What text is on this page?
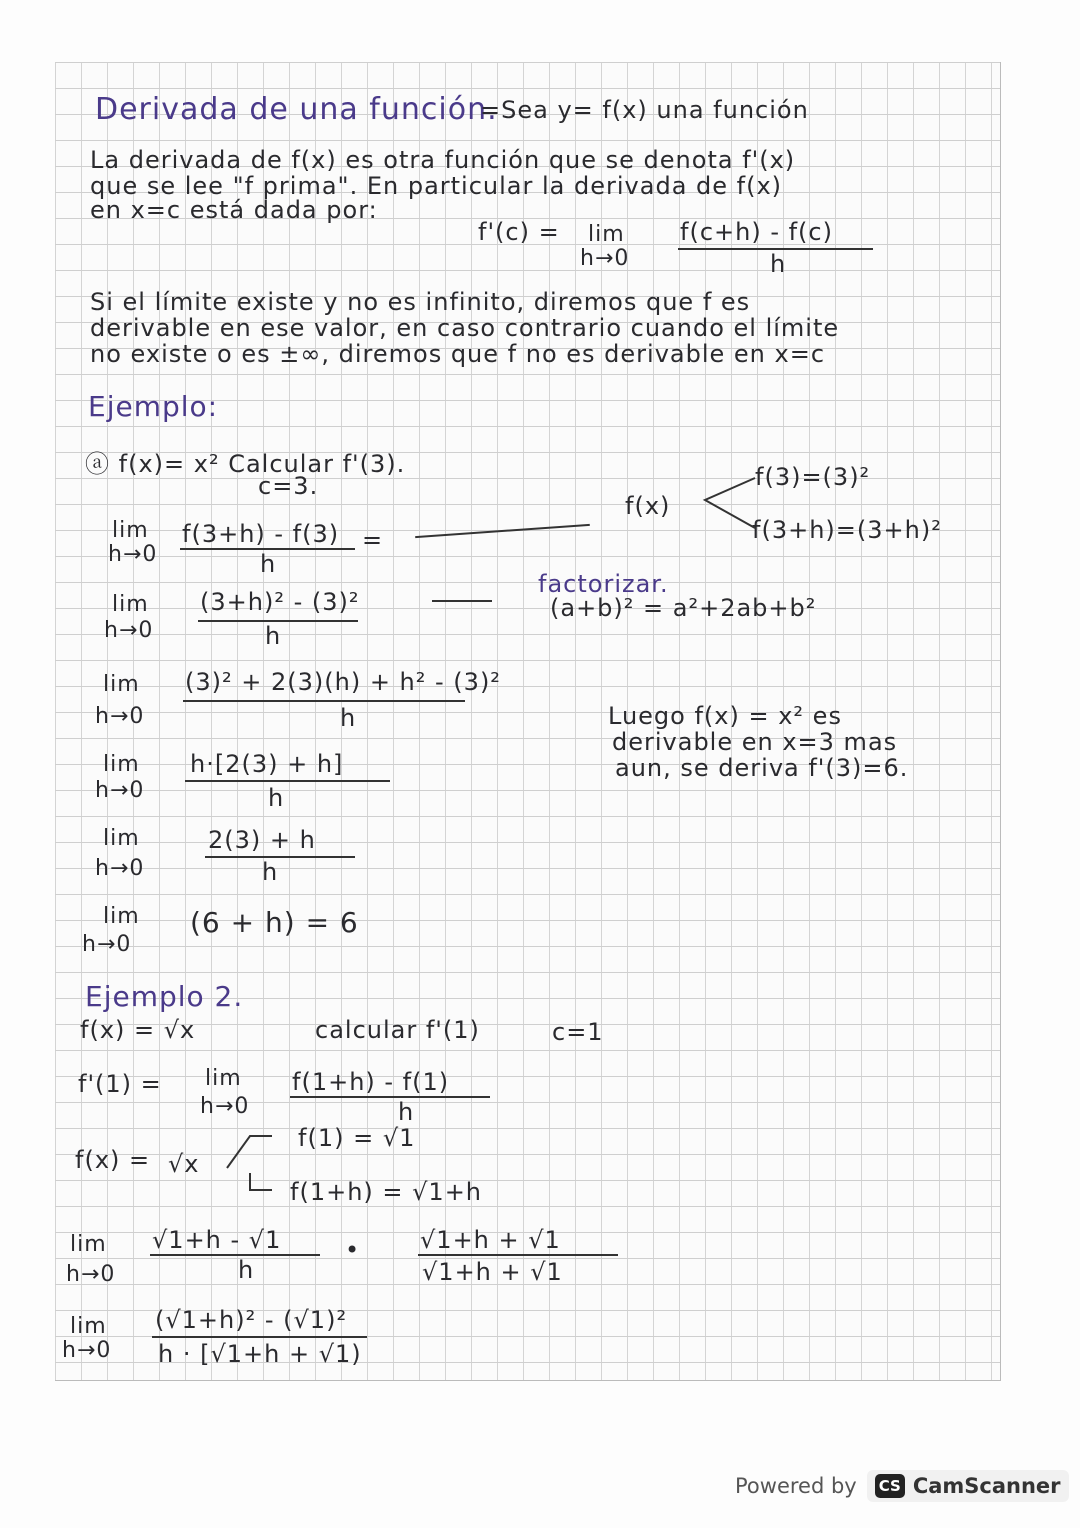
Derivada de una función.
=Sea y= f(x) una función
La derivada de f(x) es otra función que se denota f'(x)
que se lee "f prima". En particular la derivada de f(x)
en x=c está dada por:
f'(c) = lim
h→0
f(c+h) - f(c)
h
Si el límite existe y no es infinito, diremos que f es
derivable en ese valor, en caso contrario cuando el límite
no existe o es ±∞, diremos que f no es derivable en x=c
Ejemplo:
ⓐ f(x)= x² Calcular f'(3).
c=3.
f(x)
f(3)=(3)²
f(3+h)=(3+h)²
factorizar.
(a+b)² = a²+2ab+b²
lim
h→0
f(3+h) - f(3)
h
=
lim
h→0
(3+h)² - (3)²
h
lim
h→0
(3)² + 2(3)(h) + h² - (3)²
h
lim
h→0
h·[2(3) + h]
h
lim
h→0
2(3) + h
h
lim
h→0
(6 + h) = 6
Luego f(x) = x² es
derivable en x=3 mas
aun, se deriva f'(3)=6.
Ejemplo 2.
f(x) = √x	calcular f'(1)	c=1
f'(1) = lim
h→0
f(1+h) - f(1)
h
f(x) = √x
f(1) = √1
f(1+h) = √1+h
lim
h→0
√1+h - √1
h
• √1+h + √1
√1+h + √1
lim
h→0
(√1+h)² - (√1)²
h · [√1+h + √1)
Powered by CS CamScanner
